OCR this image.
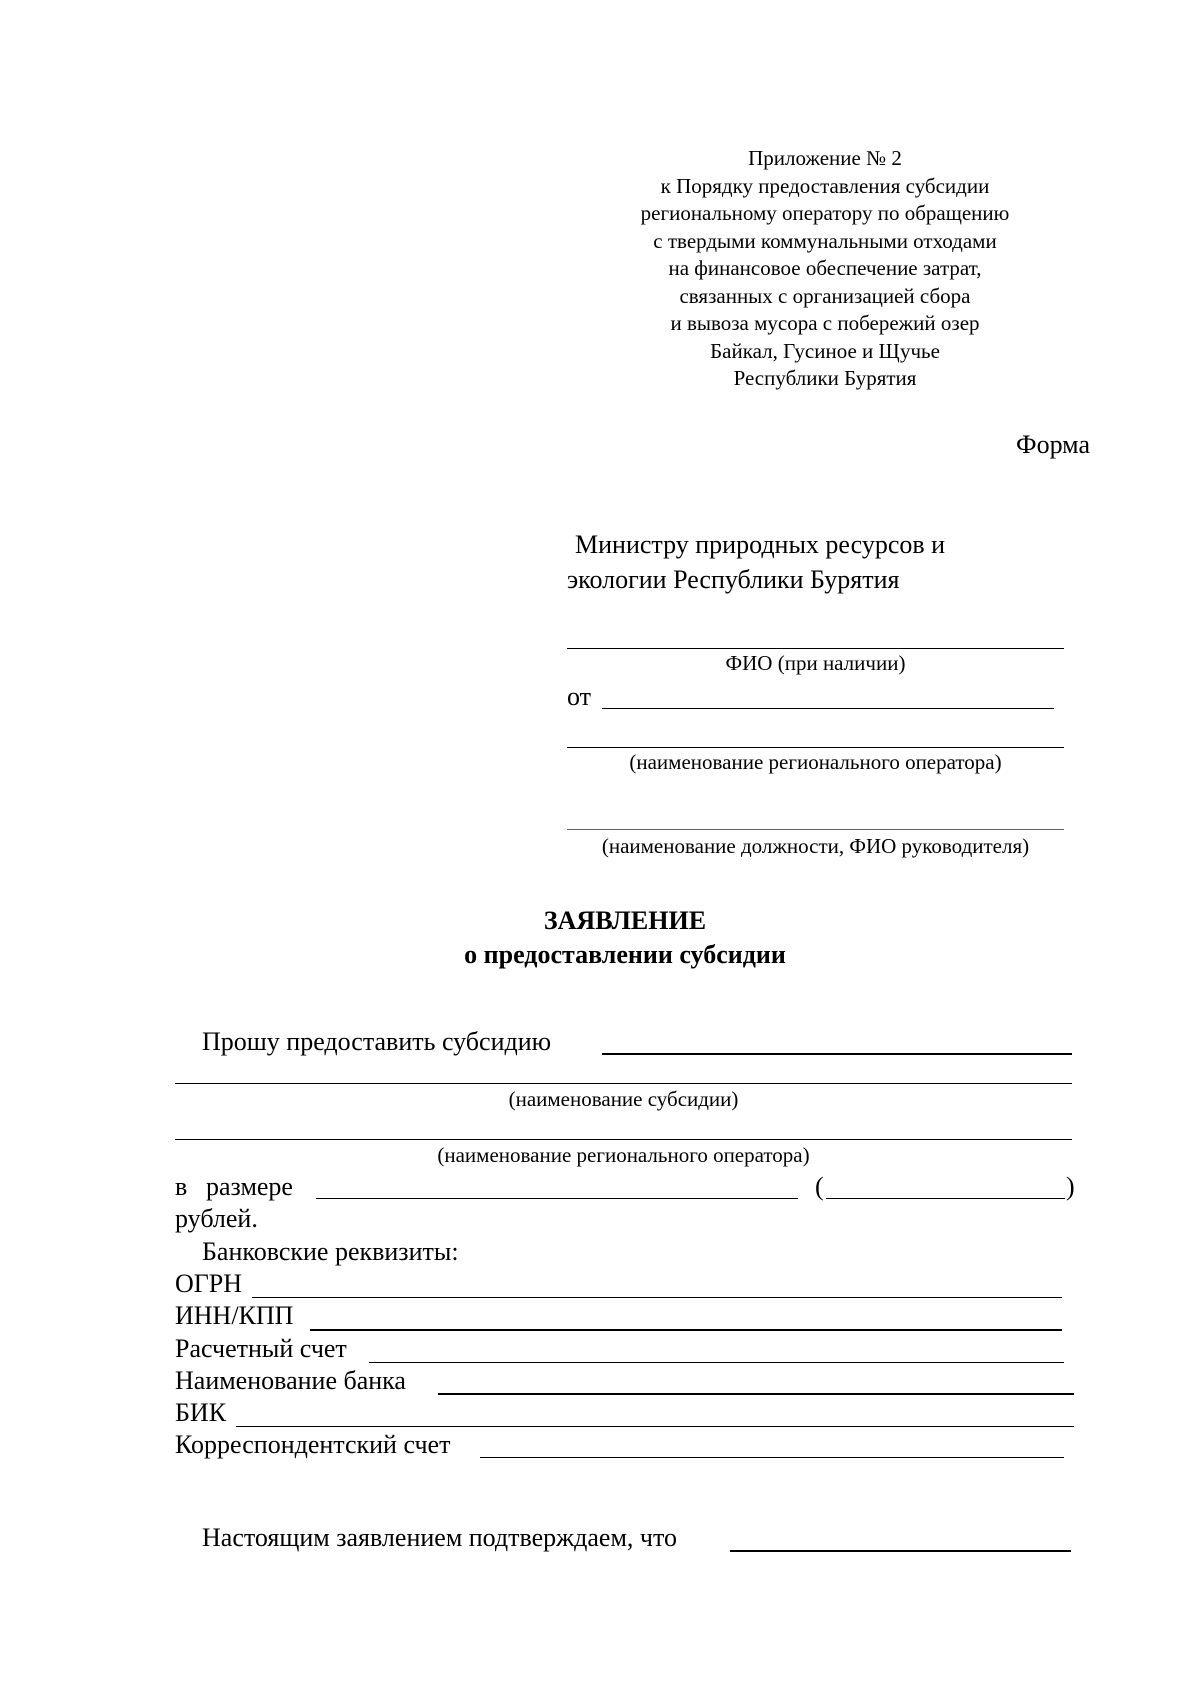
Приложение № 2
к Порядку предоставления субсидии
региональному оператору по обращению
с твердыми коммунальными отходами
на финансовое обеспечение затрат,
связанных с организацией сбора
и вывоза мусора с побережий озер
Байкал, Гусиное и Щучье
Республики Бурятия
Форма
Министру природных ресурсов и
экологии Республики Бурятия
ФИО (при наличии)
от
(наименование регионального оператора)
(наименование должности, ФИО руководителя)
ЗАЯВЛЕНИЕ
о предоставлении субсидии
Прошу предоставить субсидию
(наименование субсидии)
(наименование регионального оператора)
в размере	(	)
рублей.
Банковские реквизиты:
ОГРН
ИНН/КПП
Расчетный счет
Наименование банка
БИК
Корреспондентский счет
Настоящим заявлением подтверждаем, что
